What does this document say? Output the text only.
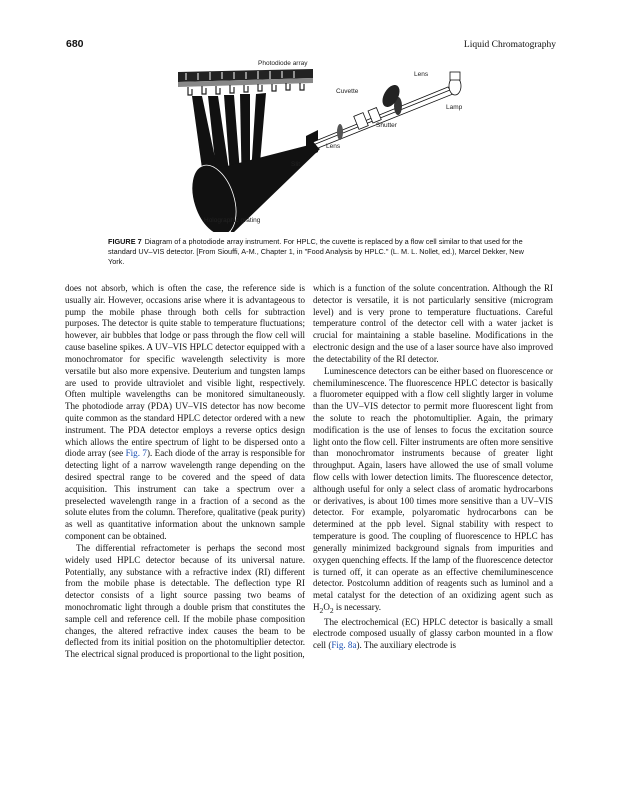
680	Liquid Chromatography
Photodiode array
Lens
Cuvette
Lamp
Shutter
Lens
Slit
Holographic grating
FIGURE 7 Diagram of a photodiode array instrument. For HPLC, the cuvette is replaced by a flow cell similar to that used for the standard UV–VIS detector. [From Siouffi, A-M., Chapter 1, in "Food Analysis by HPLC." (L. M. L. Nollet, ed.), Marcel Dekker, New York.

does not absorb, which is often the case, the reference side is usually air. However, occasions arise where it is advantageous to pump the mobile phase through both cells for subtraction purposes. The detector is quite stable to temperature fluctuations; however, air bubbles that lodge or pass through the flow cell will cause baseline spikes. A UV–VIS HPLC detector equipped with a monochromator for specific wavelength selectivity is more versatile but also more expensive. Deuterium and tungsten lamps are used to provide ultraviolet and visible light, respectively. Often multiple wavelengths can be monitored simultaneously. The photodiode array (PDA) UV–VIS detector has now become quite common as the standard HPLC detector ordered with a new instrument. The PDA detector employs a reverse optics design which allows the entire spectrum of light to be dispersed onto a diode array (see Fig. 7). Each diode of the array is responsible for detecting light of a narrow wavelength range depending on the desired spectral range to be covered and the speed of data acquisition. This instrument can take a spectrum over a preselected wavelength range in a fraction of a second as the solute elutes from the column. Therefore, qualitative (peak purity) as well as quantitative information about the unknown sample component can be obtained.

The differential refractometer is perhaps the second most widely used HPLC detector because of its universal nature. Potentially, any substance with a refractive index (RI) different from the mobile phase is detectable. The deflection type RI detector consists of a light source passing two beams of monochromatic light through a double prism that constitutes the sample cell and reference cell. If the mobile phase composition changes, the altered refractive index causes the beam to be deflected from its initial position on the photomultiplier detector. The electrical signal produced is proportional to the light position,

which is a function of the solute concentration. Although the RI detector is versatile, it is not particularly sensitive (microgram level) and is very prone to temperature fluctuations. Careful temperature control of the detector cell with a water jacket is crucial for maintaining a stable baseline. Modifications in the electronic design and the use of a laser source have also improved the detectability of the RI detector.

Luminescence detectors can be either based on fluorescence or chemiluminescence. The fluorescence HPLC detector is basically a fluorometer equipped with a flow cell slightly larger in volume than the UV–VIS detector to permit more fluorescent light from the solute to reach the photomultiplier. Again, the primary modification is the use of lenses to focus the excitation source light onto the flow cell. Filter instruments are often more sensitive than monochromator instruments because of greater light throughput. Again, lasers have allowed the use of small volume flow cells with lower detection limits. The fluorescence detector, although useful for only a select class of aromatic hydrocarbons or derivatives, is about 100 times more sensitive than a UV–VIS detector. For example, polyaromatic hydrocarbons can be determined at the ppb level. Signal stability with respect to temperature is good. The coupling of fluorescence to HPLC has generally minimized background signals from impurities and oxygen quenching effects. If the lamp of the fluorescence detector is turned off, it can operate as an effective chemiluminescence detector. Postcolumn addition of reagents such as luminol and a metal catalyst for the detection of an oxidizing agent such as $H_2O_2$ is necessary.

The electrochemical (EC) HPLC detector is basically a small electrode composed usually of glassy carbon mounted in a flow cell (Fig. 8a). The auxiliary electrode is
